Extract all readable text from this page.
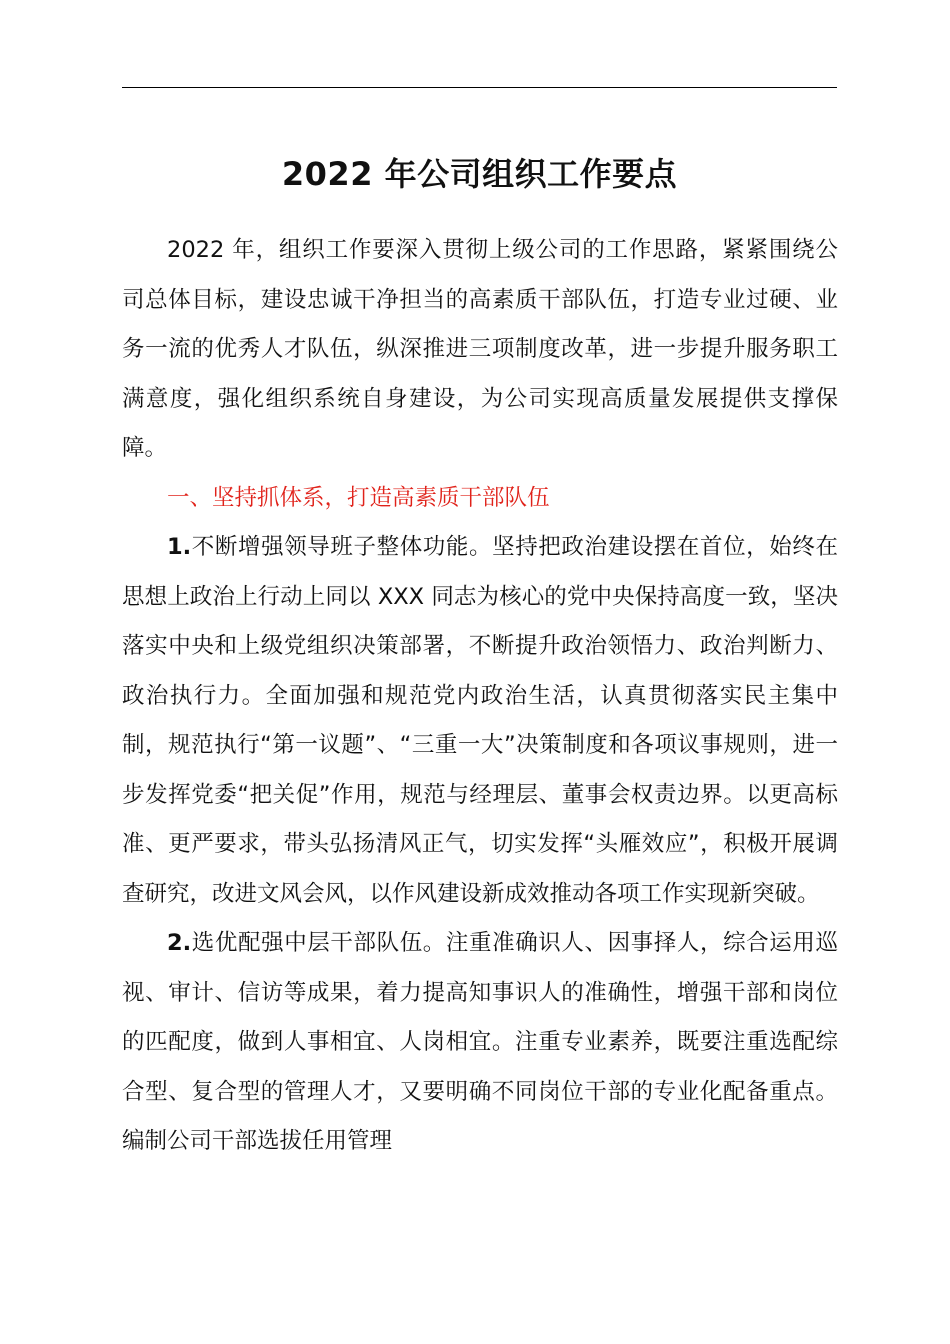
2022 年公司组织工作要点

2022 年，组织工作要深入贯彻上级公司的工作思路，紧紧围绕公司总体目标，建设忠诚干净担当的高素质干部队伍，打造专业过硬、业务一流的优秀人才队伍，纵深推进三项制度改革，进一步提升服务职工满意度，强化组织系统自身建设，为公司实现高质量发展提供支撑保障。

一、坚持抓体系，打造高素质干部队伍

1.不断增强领导班子整体功能。坚持把政治建设摆在首位，始终在思想上政治上行动上同以 XXX 同志为核心的党中央保持高度一致，坚决落实中央和上级党组织决策部署，不断提升政治领悟力、政治判断力、政治执行力。全面加强和规范党内政治生活，认真贯彻落实民主集中制，规范执行“第一议题”、“三重一大”决策制度和各项议事规则，进一步发挥党委“把关促”作用，规范与经理层、董事会权责边界。以更高标准、更严要求，带头弘扬清风正气，切实发挥“头雁效应”，积极开展调查研究，改进文风会风，以作风建设新成效推动各项工作实现新突破。

2.选优配强中层干部队伍。注重准确识人、因事择人，综合运用巡视、审计、信访等成果，着力提高知事识人的准确性，增强干部和岗位的匹配度，做到人事相宜、人岗相宜。注重专业素养，既要注重选配综合型、复合型的管理人才，又要明确不同岗位干部的专业化配备重点。编制公司干部选拔任用管理
